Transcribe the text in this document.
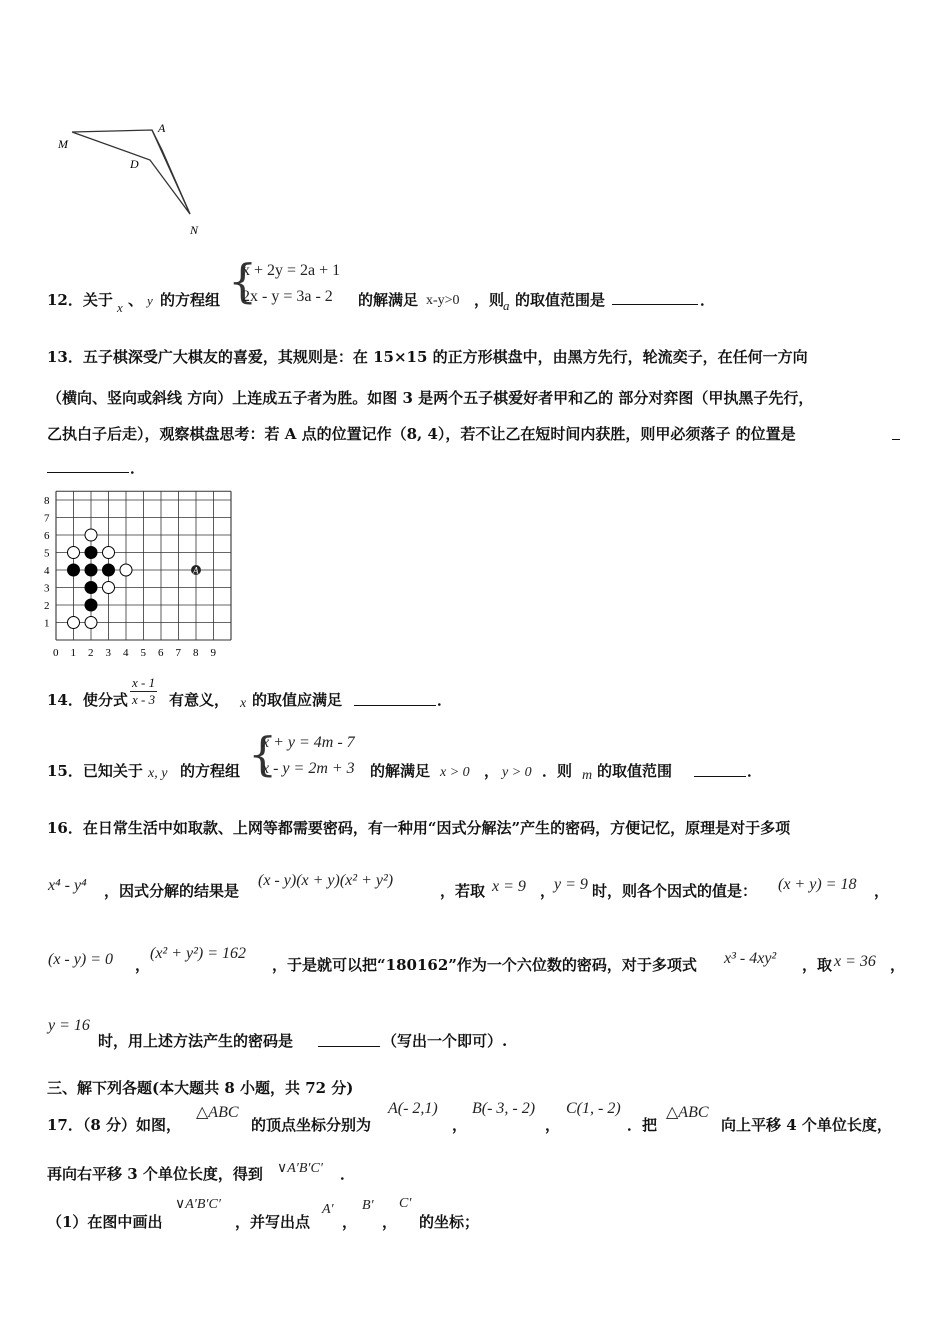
M
A
D
N
12．关于 x 、 y 的方程组 {
x + 2y = 2a + 1
2x - y = 3a - 2 的解满足 x-y>0 ，则
a 的取值范围是	．
13．五子棋深受广大棋友的喜爱，其规则是：在 15×15 的正方形棋盘中，由黑方先行，轮流奕子，在任何一方向
（横向、竖向或斜线 方向）上连成五子者为胜。如图 3 是两个五子棋爱好者甲和乙的 部分对弈图（甲执黑子先行，
乙执白子后走），观察棋盘思考：若 A 点的位置记作（8, 4），若不让乙在短时间内获胜，则甲必须落子 的位置是
．
8
7
6
5
4
3
2
1
0 1 2 3 4 5 6 7 8 9
A
14．使分式 $\frac{x - 1}{x - 3}$ 有意义， x 的取值应满足	．
15．已知关于 x, y 的方程组 {
x + y = 4m - 7
x - y = 2m + 3 的解满足 x > 0 ， y > 0 ．则 m 的取值范围	．
16．在日常生活中如取款、上网等都需要密码，有一种用“因式分解法”产生的密码，方便记忆，原理是对于多项
x⁴ - y⁴ ，因式分解的结果是
(x - y)(x + y)(x² + y²)
，若取 x = 9 ，
y = 9 时，则各个因式的值是： (x + y) = 18 ，
(x - y) = 0 ，
(x² + y²) = 162
，于是就可以把“180162”作为一个六位数的密码，对于多项式 x³ - 4xy² ，取 x = 36 ，
y = 16
时，用上述方法产生的密码是	（写出一个即可）.
三、解下列各题(本大题共 8 小题，共 72 分)
17．（8 分）如图，
△ABC
的顶点坐标分别为
A(- 2,1)
，
B(- 3, - 2)
，
C(1, - 2)
．把
△ABC
向上平移 4 个单位长度，
再向右平移 3 个单位长度，得到 ∨A′B′C′ ．
（1）在图中画出
∨A′B′C′
，并写出点
A′
，
B′
，
C′
的坐标；
